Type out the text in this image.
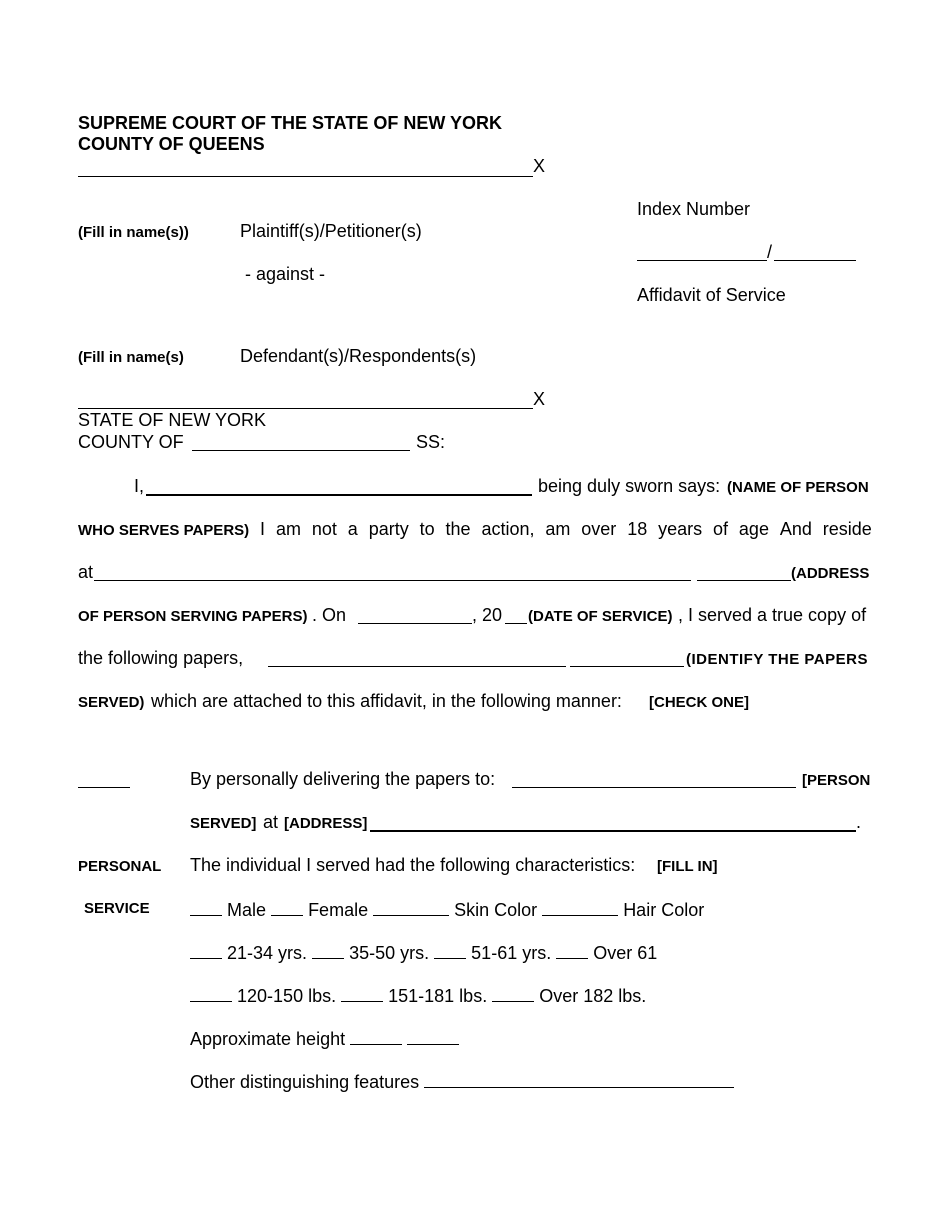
SUPREME COURT OF THE STATE OF NEW YORK
COUNTY OF QUEENS
X
(Fill in name(s))	Plaintiff(s)/Petitioner(s)
- against -
(Fill in name(s)	Defendant(s)/Respondents(s)
Index Number
/
Affidavit of Service
X
STATE OF NEW YORK
COUNTY OF	SS:
I,	being duly sworn says: (NAME OF PERSON
WHO SERVES PAPERS) I am not a party to the action, am over 18 years of age And reside
at	(ADDRESS
OF PERSON SERVING PAPERS) . On	, 20 (DATE OF SERVICE) , I served a true copy of
the following papers,	(IDENTIFY THE PAPERS
SERVED) which are attached to this affidavit, in the following manner: [CHECK ONE]
By personally delivering the papers to:	[PERSON
SERVED] at [ADDRESS]	.
PERSONAL
SERVICE
The individual I served had the following characteristics: [FILL IN]
Male Female	Skin Color	Hair Color
21-34 yrs. 35-50 yrs. 51-61 yrs. Over 61
120-150 lbs.	151-181 lbs.	Over 182 lbs.
Approximate height
Other distinguishing features
